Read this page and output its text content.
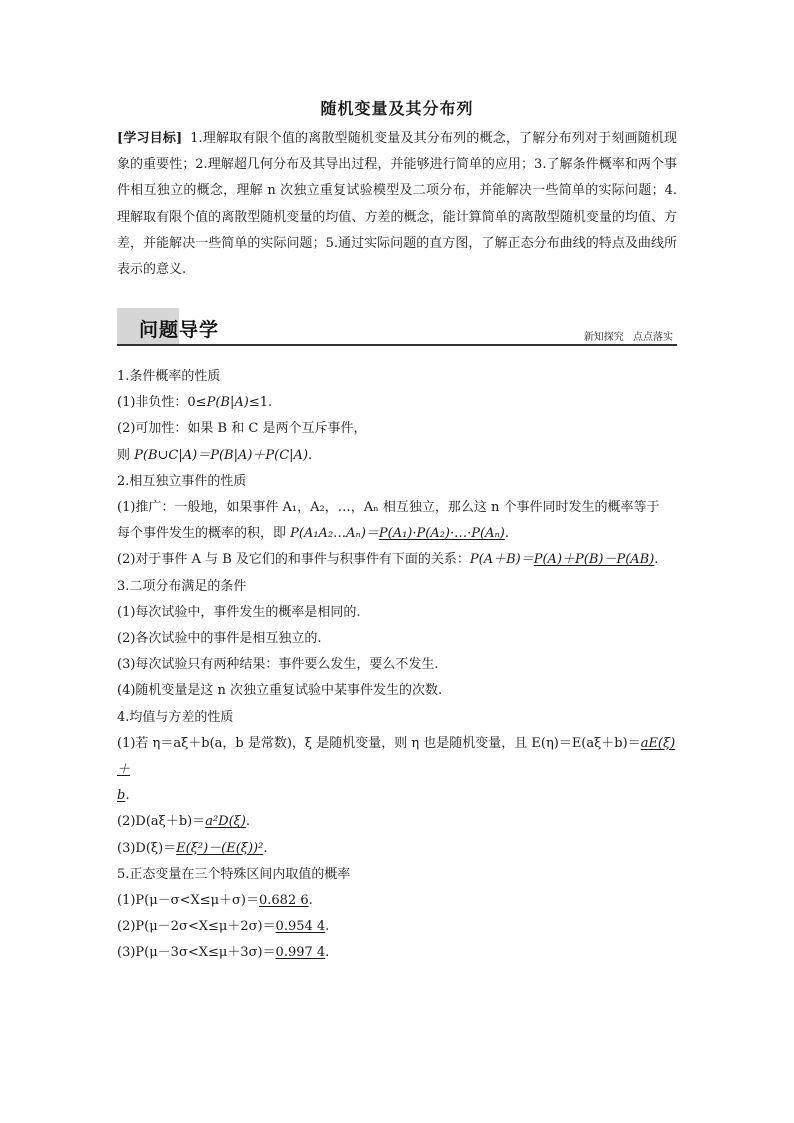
随机变量及其分布列
[学习目标] 1.理解取有限个值的离散型随机变量及其分布列的概念，了解分布列对于刻画随机现象的重要性；2.理解超几何分布及其导出过程，并能够进行简单的应用；3.了解条件概率和两个事件相互独立的概念，理解 n 次独立重复试验模型及二项分布，并能解决一些简单的实际问题；4.理解取有限个值的离散型随机变量的均值、方差的概念，能计算简单的离散型随机变量的均值、方差，并能解决一些简单的实际问题；5.通过实际问题的直方图，了解正态分布曲线的特点及曲线所表示的意义.
问题导学	新知探究 点点落实

1.条件概率的性质

(1)非负性：0≤P(B|A)≤1.

(2)可加性：如果 B 和 C 是两个互斥事件，

则 P(B∪C|A)＝P(B|A)＋P(C|A).

2.相互独立事件的性质

(1)推广：一般地，如果事件 A₁，A₂，…，Aₙ 相互独立，那么这 n 个事件同时发生的概率等于

每个事件发生的概率的积，即 P(A₁A₂…Aₙ)＝P(A₁)·P(A₂)·…·P(Aₙ).

(2)对于事件 A 与 B 及它们的和事件与积事件有下面的关系：P(A＋B)＝P(A)＋P(B)－P(AB).

3.二项分布满足的条件

(1)每次试验中，事件发生的概率是相同的.

(2)各次试验中的事件是相互独立的.

(3)每次试验只有两种结果：事件要么发生，要么不发生.

(4)随机变量是这 n 次独立重复试验中某事件发生的次数.

4.均值与方差的性质

(1)若 η＝aξ＋b(a，b 是常数)，ξ 是随机变量，则 η 也是随机变量，且 E(η)＝E(aξ＋b)＝aE(ξ)＋

b.

(2)D(aξ＋b)＝a²D(ξ).

(3)D(ξ)＝E(ξ²)－(E(ξ))².

5.正态变量在三个特殊区间内取值的概率

(1)P(μ－σ<X≤μ＋σ)＝0.682 6.

(2)P(μ－2σ<X≤μ＋2σ)＝0.954 4.

(3)P(μ－3σ<X≤μ＋3σ)＝0.997 4.
